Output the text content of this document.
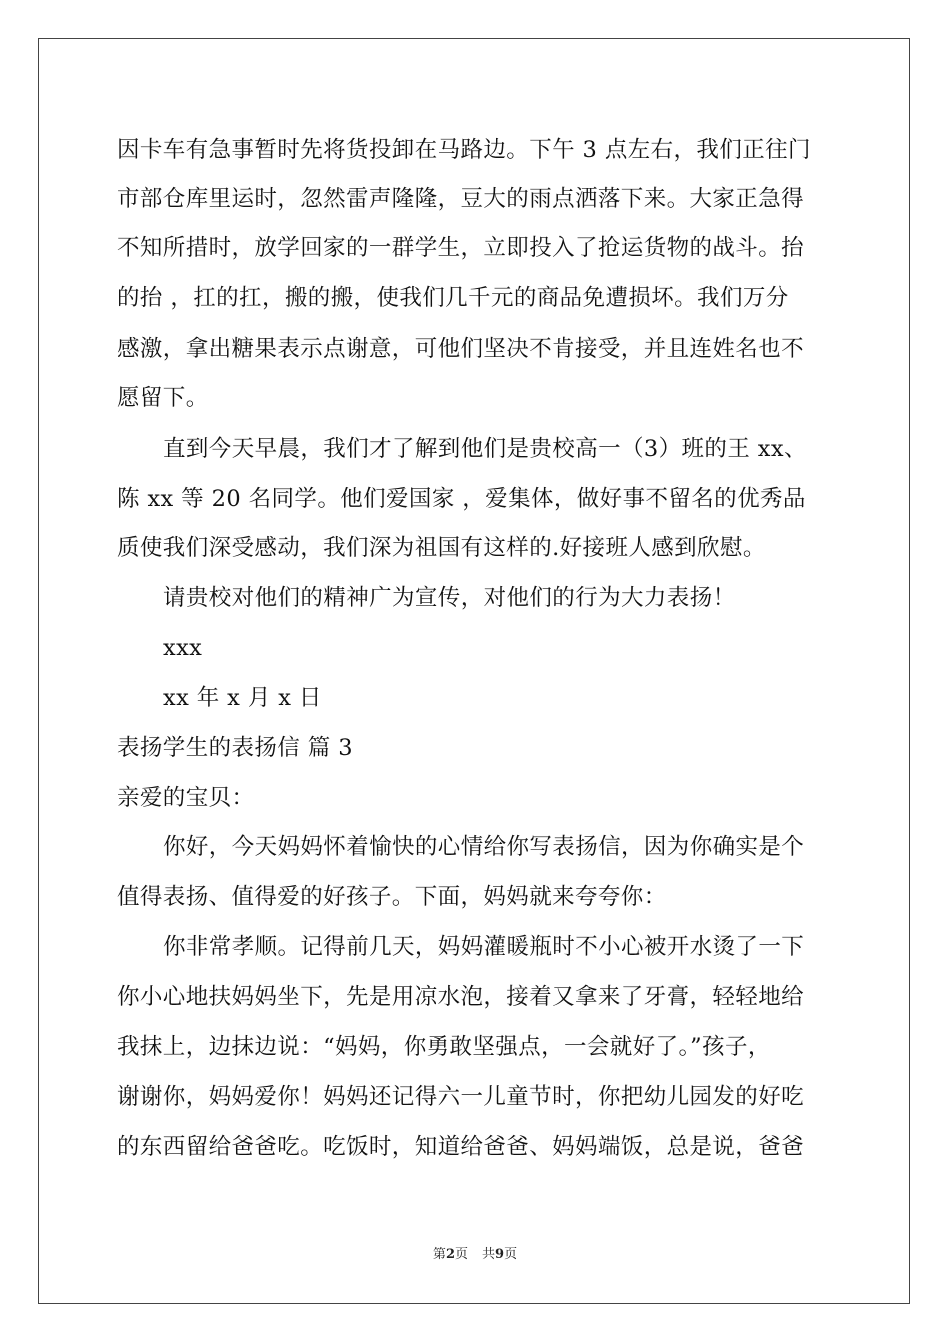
因卡车有急事暂时先将货投卸在马路边。下午 3 点左右，我们正往门
市部仓库里运时，忽然雷声隆隆，豆大的雨点洒落下来。大家正急得
不知所措时，放学回家的一群学生，立即投入了抢运货物的战斗。抬
的抬 ，扛的扛，搬的搬，使我们几千元的商品免遭损坏。我们万分
感激，拿出糖果表示点谢意，可他们坚决不肯接受，并且连姓名也不
愿留下。
直到今天早晨，我们才了解到他们是贵校高一（3）班的王 xx、
陈 xx 等 20 名同学。他们爱国家 ，爱集体，做好事不留名的优秀品
质使我们深受感动，我们深为祖国有这样的.好接班人感到欣慰。
请贵校对他们的精神广为宣传，对他们的行为大力表扬！
xxx
xx 年 x 月 x 日
表扬学生的表扬信 篇 3
亲爱的宝贝：
你好，今天妈妈怀着愉快的心情给你写表扬信，因为你确实是个
值得表扬、值得爱的好孩子。下面，妈妈就来夸夸你：
你非常孝顺。记得前几天，妈妈灌暖瓶时不小心被开水烫了一下
你小心地扶妈妈坐下，先是用凉水泡，接着又拿来了牙膏，轻轻地给
我抹上，边抹边说：“妈妈，你勇敢坚强点，一会就好了。”孩子，
谢谢你，妈妈爱你！妈妈还记得六一儿童节时，你把幼儿园发的好吃
的东西留给爸爸吃。吃饭时，知道给爸爸、妈妈端饭，总是说，爸爸
第2页 共9页
